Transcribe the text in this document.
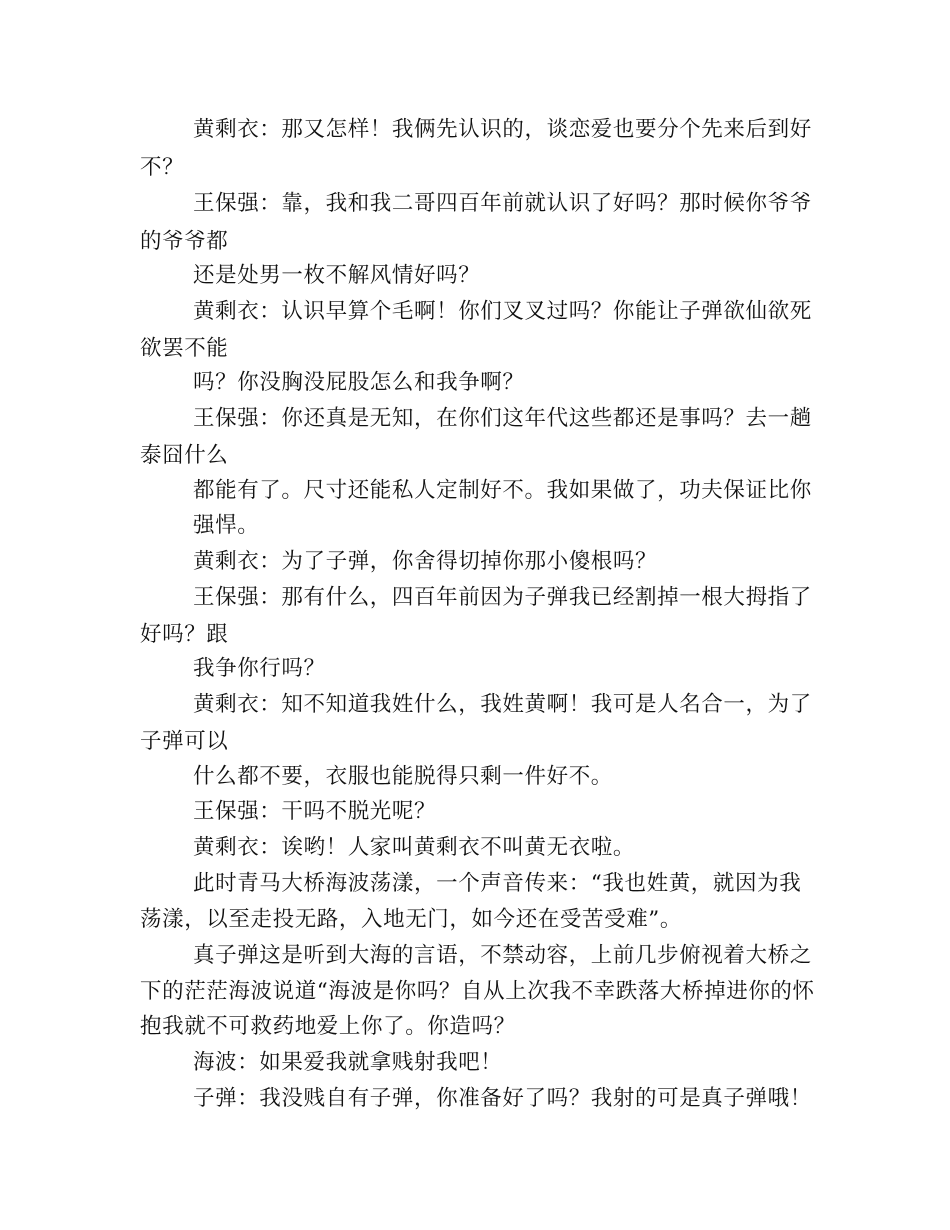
黄剩衣：那又怎样！我俩先认识的，谈恋爱也要分个先来后到好
不？
王保强：靠，我和我二哥四百年前就认识了好吗？那时候你爷爷
的爷爷都
还是处男一枚不解风情好吗？
黄剩衣：认识早算个毛啊！你们叉叉过吗？你能让子弹欲仙欲死
欲罢不能
吗？你没胸没屁股怎么和我争啊？
王保强：你还真是无知，在你们这年代这些都还是事吗？去一趟
泰囧什么
都能有了。尺寸还能私人定制好不。我如果做了，功夫保证比你
强悍。
黄剩衣：为了子弹，你舍得切掉你那小傻根吗？
王保强：那有什么，四百年前因为子弹我已经割掉一根大拇指了
好吗？跟
我争你行吗？
黄剩衣：知不知道我姓什么，我姓黄啊！我可是人名合一，为了
子弹可以
什么都不要，衣服也能脱得只剩一件好不。
王保强：干吗不脱光呢？
黄剩衣：诶哟！人家叫黄剩衣不叫黄无衣啦。
此时青马大桥海波荡漾，一个声音传来：“我也姓黄，就因为我
荡漾，以至走投无路，入地无门，如今还在受苦受难”。
真子弹这是听到大海的言语，不禁动容，上前几步俯视着大桥之
下的茫茫海波说道“海波是你吗？自从上次我不幸跌落大桥掉进你的怀
抱我就不可救药地爱上你了。你造吗？
海波：如果爱我就拿贱射我吧！
子弹：我没贱自有子弹，你准备好了吗？我射的可是真子弹哦！
